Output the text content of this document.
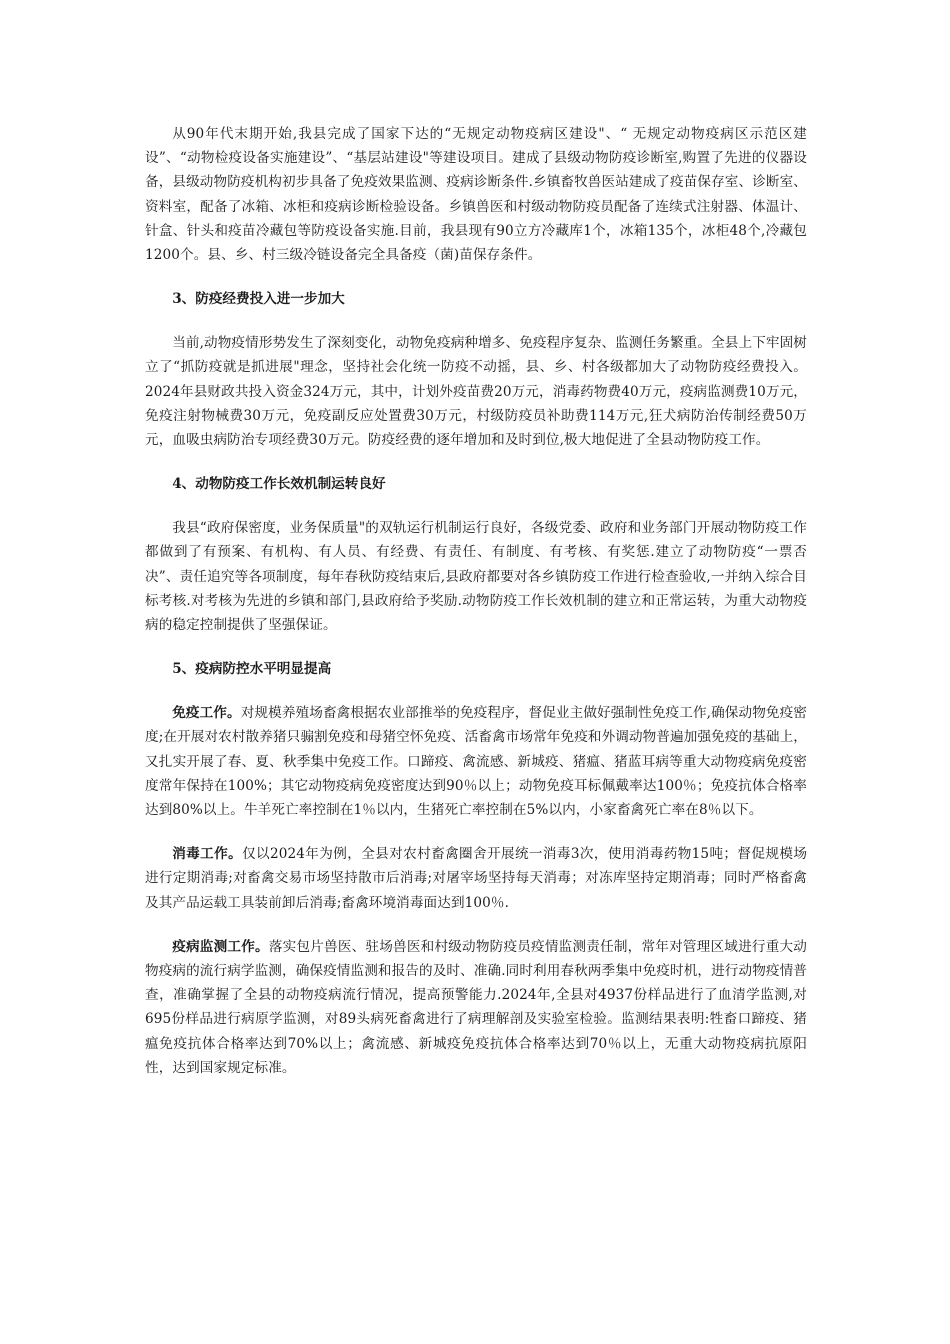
从90年代末期开始,我县完成了国家下达的“无规定动物疫病区建设"、“ 无规定动物疫病区示范区建设”、“动物检疫设备实施建设”、“基层站建设"等建设项目。建成了县级动物防疫诊断室,购置了先进的仪器设备，县级动物防疫机构初步具备了免疫效果监测、疫病诊断条件.乡镇畜牧兽医站建成了疫苗保存室、诊断室、资料室，配备了冰箱、冰柜和疫病诊断检验设备。乡镇兽医和村级动物防疫员配备了连续式注射器、体温计、针盒、针头和疫苗冷藏包等防疫设备实施.目前，我县现有90立方冷藏库1个，冰箱135个，冰柜48个,冷藏包1200个。县、乡、村三级冷链设备完全具备疫（菌)苗保存条件。

3、防疫经费投入进一步加大

当前,动物疫情形势发生了深刻变化，动物免疫病种增多、免疫程序复杂、监测任务繁重。全县上下牢固树立了“抓防疫就是抓进展"理念，坚持社会化统一防疫不动摇，县、乡、村各级都加大了动物防疫经费投入。2024年县财政共投入资金324万元，其中，计划外疫苗费20万元，消毒药物费40万元，疫病监测费10万元，免疫注射物械费30万元，免疫副反应处置费30万元，村级防疫员补助费114万元,狂犬病防治传制经费50万元，血吸虫病防治专项经费30万元。防疫经费的逐年增加和及时到位,极大地促进了全县动物防疫工作。

4、动物防疫工作长效机制运转良好

我县“政府保密度，业务保质量"的双轨运行机制运行良好，各级党委、政府和业务部门开展动物防疫工作都做到了有预案、有机构、有人员、有经费、有责任、有制度、有考核、有奖惩.建立了动物防疫“一票否决”、责任追究等各项制度，每年春秋防疫结束后,县政府都要对各乡镇防疫工作进行检查验收,一并纳入综合目标考核.对考核为先进的乡镇和部门,县政府给予奖励.动物防疫工作长效机制的建立和正常运转，为重大动物疫病的稳定控制提供了坚强保证。

5、疫病防控水平明显提高

免疫工作。对规模养殖场畜禽根据农业部推举的免疫程序，督促业主做好强制性免疫工作,确保动物免疫密度;在开展对农村散养猪只骟割免疫和母猪空怀免疫、活畜禽市场常年免疫和外调动物普遍加强免疫的基础上，又扎实开展了春、夏、秋季集中免疫工作。口蹄疫、禽流感、新城疫、猪瘟、猪蓝耳病等重大动物疫病免疫密度常年保持在100%；其它动物疫病免疫密度达到90％以上；动物免疫耳标佩戴率达100％；免疫抗体合格率达到80%以上。牛羊死亡率控制在1％以内，生猪死亡率控制在5%以内，小家畜禽死亡率在8％以下。

消毒工作。仅以2024年为例，全县对农村畜禽圈舍开展统一消毒3次，使用消毒药物15吨；督促规模场进行定期消毒;对畜禽交易市场坚持散市后消毒;对屠宰场坚持每天消毒；对冻库坚持定期消毒；同时严格畜禽及其产品运载工具装前卸后消毒;畜禽环境消毒面达到100％.

疫病监测工作。落实包片兽医、驻场兽医和村级动物防疫员疫情监测责任制，常年对管理区域进行重大动物疫病的流行病学监测，确保疫情监测和报告的及时、准确.同时利用春秋两季集中免疫时机，进行动物疫情普查，准确掌握了全县的动物疫病流行情况，提高预警能力.2024年,全县对4937份样品进行了血清学监测,对695份样品进行病原学监测，对89头病死畜禽进行了病理解剖及实验室检验。监测结果表明:牲畜口蹄疫、猪瘟免疫抗体合格率达到70%以上；禽流感、新城疫免疫抗体合格率达到70％以上，无重大动物疫病抗原阳性，达到国家规定标准。
